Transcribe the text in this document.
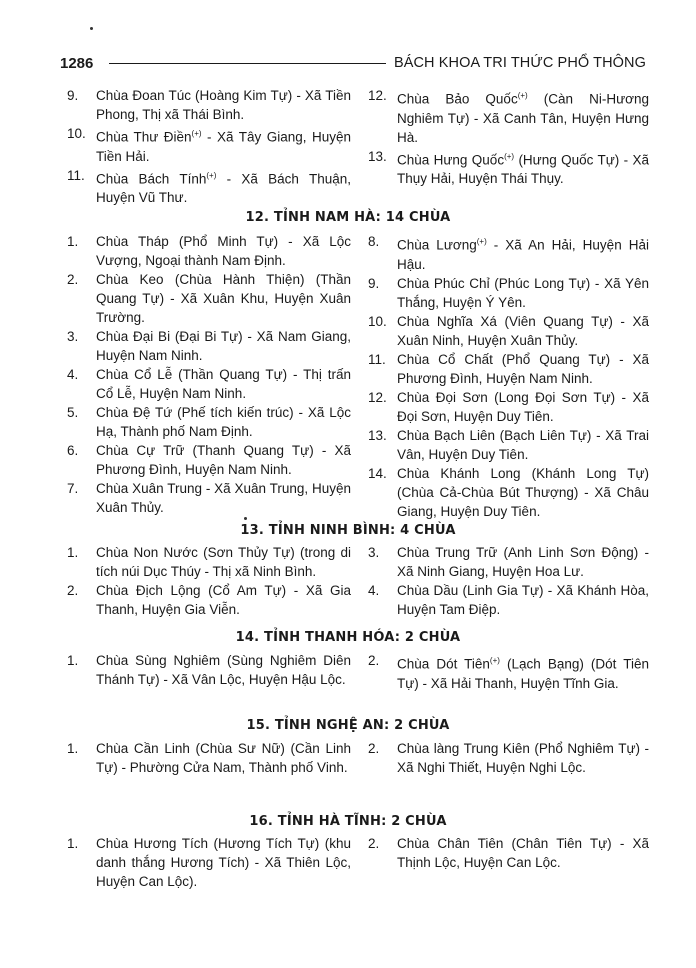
1286	BÁCH KHOA TRI THỨC PHỔ THÔNG
9.	Chùa Đoan Túc (Hoàng Kim Tự) - Xã Tiền Phong, Thị xã Thái Bình.
10. Chùa Thư Điền(+) - Xã Tây Giang, Huyện Tiền Hải.
11. Chùa Bách Tính(+) - Xã Bách Thuận, Huyện Vũ Thư.
12. Chùa Bảo Quốc(+) (Càn Ni-Hương Nghiêm Tự) - Xã Canh Tân, Huyện Hưng Hà.
13. Chùa Hưng Quốc(+) (Hưng Quốc Tự) - Xã Thụy Hải, Huyện Thái Thụy.
12. TỈNH NAM HÀ: 14 CHÙA
1.	Chùa Tháp (Phổ Minh Tự) - Xã Lộc Vượng, Ngoại thành Nam Định.
2.	Chùa Keo (Chùa Hành Thiện) (Thần Quang Tự) - Xã Xuân Khu, Huyện Xuân Trường.
3.	Chùa Đại Bi (Đại Bi Tự) - Xã Nam Giang, Huyện Nam Ninh.
4.	Chùa Cổ Lễ (Thần Quang Tự) - Thị trấn Cổ Lễ, Huyện Nam Ninh.
5.	Chùa Đệ Tứ (Phế tích kiến trúc) - Xã Lộc Hạ, Thành phố Nam Định.
6.	Chùa Cự Trữ (Thanh Quang Tự) - Xã Phương Đình, Huyện Nam Ninh.
7.	Chùa Xuân Trung - Xã Xuân Trung, Huyện Xuân Thủy.
8.	Chùa Lương(+) - Xã An Hải, Huyện Hải Hậu.
9.	Chùa Phúc Chỉ (Phúc Long Tự) - Xã Yên Thắng, Huyện Ý Yên.
10. Chùa Nghĩa Xá (Viên Quang Tự) - Xã Xuân Ninh, Huyện Xuân Thủy.
11. Chùa Cổ Chất (Phổ Quang Tự) - Xã Phương Đình, Huyện Nam Ninh.
12. Chùa Đọi Sơn (Long Đọi Sơn Tự) - Xã Đọi Sơn, Huyện Duy Tiên.
13. Chùa Bạch Liên (Bạch Liên Tự) - Xã Trai Vân, Huyện Duy Tiên.
14. Chùa Khánh Long (Khánh Long Tự) (Chùa Cả-Chùa Bút Thượng) - Xã Châu Giang, Huyện Duy Tiên.
13. TỈNH NINH BÌNH: 4 CHÙA
1.	Chùa Non Nước (Sơn Thủy Tự) (trong di tích núi Dục Thúy - Thị xã Ninh Bình.
2.	Chùa Địch Lộng (Cổ Am Tự) - Xã Gia Thanh, Huyện Gia Viễn.
3.	Chùa Trung Trữ (Anh Linh Sơn Động) - Xã Ninh Giang, Huyện Hoa Lư.
4.	Chùa Dầu (Linh Gia Tự) - Xã Khánh Hòa, Huyện Tam Điệp.
14. TỈNH THANH HÓA: 2 CHÙA
1.	Chùa Sùng Nghiêm (Sùng Nghiêm Diên Thánh Tự) - Xã Vân Lộc, Huyện Hậu Lộc.
2.	Chùa Dót Tiên(+) (Lạch Bạng) (Dót Tiên Tự) - Xã Hải Thanh, Huyện Tĩnh Gia.
15. TỈNH NGHỆ AN: 2 CHÙA
1.	Chùa Cần Linh (Chùa Sư Nữ) (Cần Linh Tự) - Phường Cửa Nam, Thành phố Vinh.
2.	Chùa làng Trung Kiên (Phổ Nghiêm Tự) - Xã Nghi Thiết, Huyện Nghi Lộc.
16. TỈNH HÀ TĨNH: 2 CHÙA
1.	Chùa Hương Tích (Hương Tích Tự) (khu danh thắng Hương Tích) - Xã Thiên Lộc, Huyện Can Lộc).
2.	Chùa Chân Tiên (Chân Tiên Tự) - Xã Thịnh Lộc, Huyện Can Lộc.
